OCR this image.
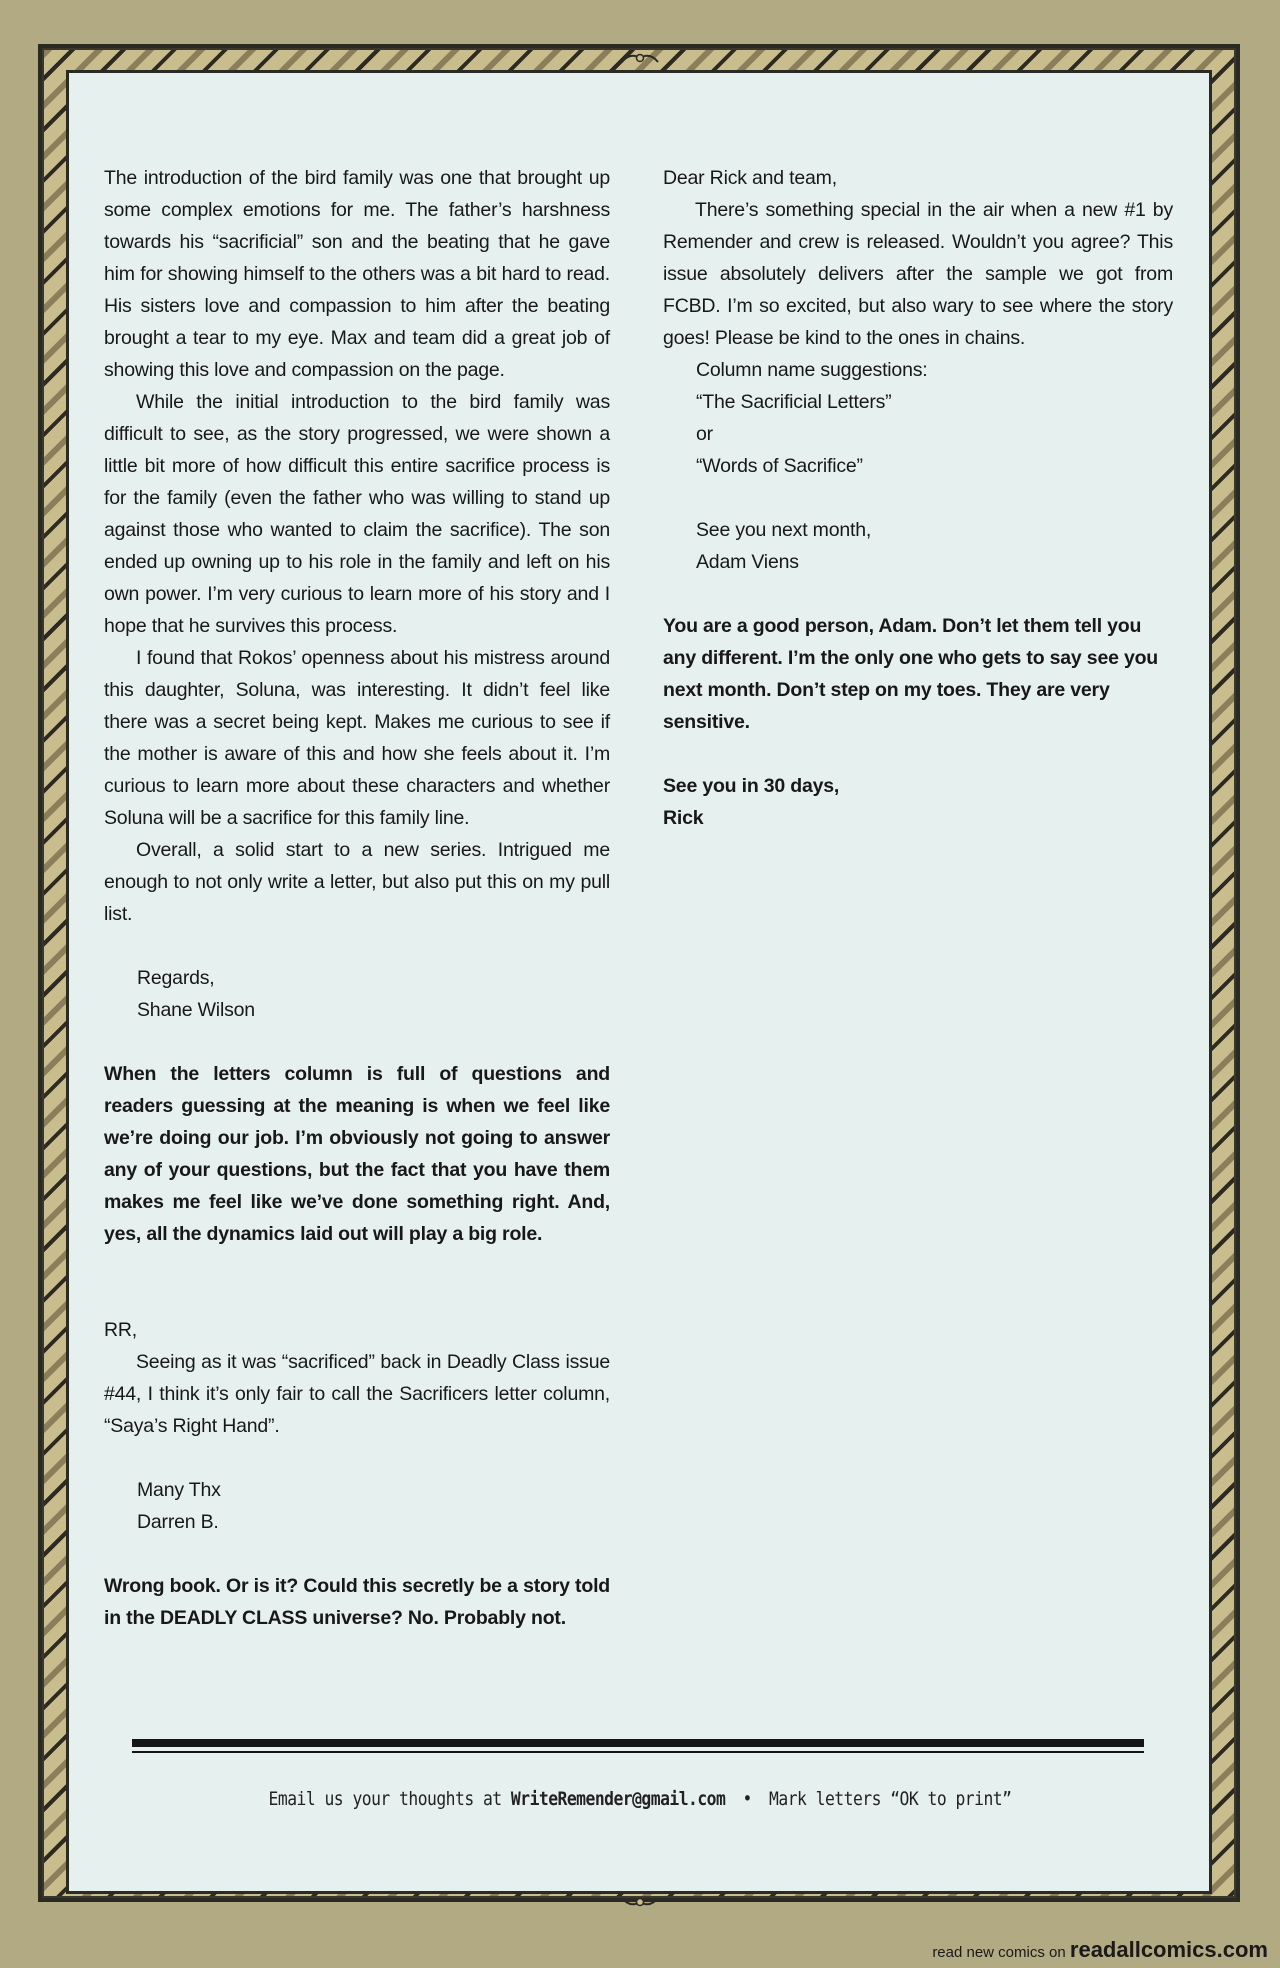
The introduction of the bird family was one that brought up some complex emotions for me. The father’s harshness towards his “sacrificial” son and the beating that he gave him for showing himself to the others was a bit hard to read. His sisters love and compassion to him after the beating brought a tear to my eye. Max and team did a great job of showing this love and compassion on the page.

While the initial introduction to the bird family was difficult to see, as the story progressed, we were shown a little bit more of how difficult this entire sacrifice process is for the family (even the father who was willing to stand up against those who wanted to claim the sacrifice). The son ended up owning up to his role in the family and left on his own power. I’m very curious to learn more of his story and I hope that he survives this process.

I found that Rokos’ openness about his mistress around this daughter, Soluna, was interesting. It didn’t feel like there was a secret being kept. Makes me curious to see if the mother is aware of this and how she feels about it. I’m curious to learn more about these characters and whether Soluna will be a sacrifice for this family line.

Overall, a solid start to a new series. Intrigued me enough to not only write a letter, but also put this on my pull list.

Regards,

Shane Wilson

When the letters column is full of questions and readers guessing at the meaning is when we feel like we’re doing our job. I’m obviously not going to answer any of your questions, but the fact that you have them makes me feel like we’ve done something right. And, yes, all the dynamics laid out will play a big role.

RR,

Seeing as it was “sacrificed” back in Deadly Class issue #44, I think it’s only fair to call the Sacrificers letter column, “Saya’s Right Hand”.

Many Thx

Darren B.

Wrong book. Or is it? Could this secretly be a story told in the DEADLY CLASS universe? No. Probably not.

Dear Rick and team,

There’s something special in the air when a new #1 by Remender and crew is released. Wouldn’t you agree? This issue absolutely delivers after the sample we got from FCBD. I’m so excited, but also wary to see where the story goes! Please be kind to the ones in chains.

Column name suggestions:

“The Sacrificial Letters”

or

“Words of Sacrifice”

See you next month,

Adam Viens

You are a good person, Adam. Don’t let them tell you any different. I’m the only one who gets to say see you next month. Don’t step on my toes. They are very sensitive.

See you in 30 days,

Rick

Email us your thoughts at WriteRemender@gmail.com • Mark letters “OK to print”
read new comics on readallcomics.com
